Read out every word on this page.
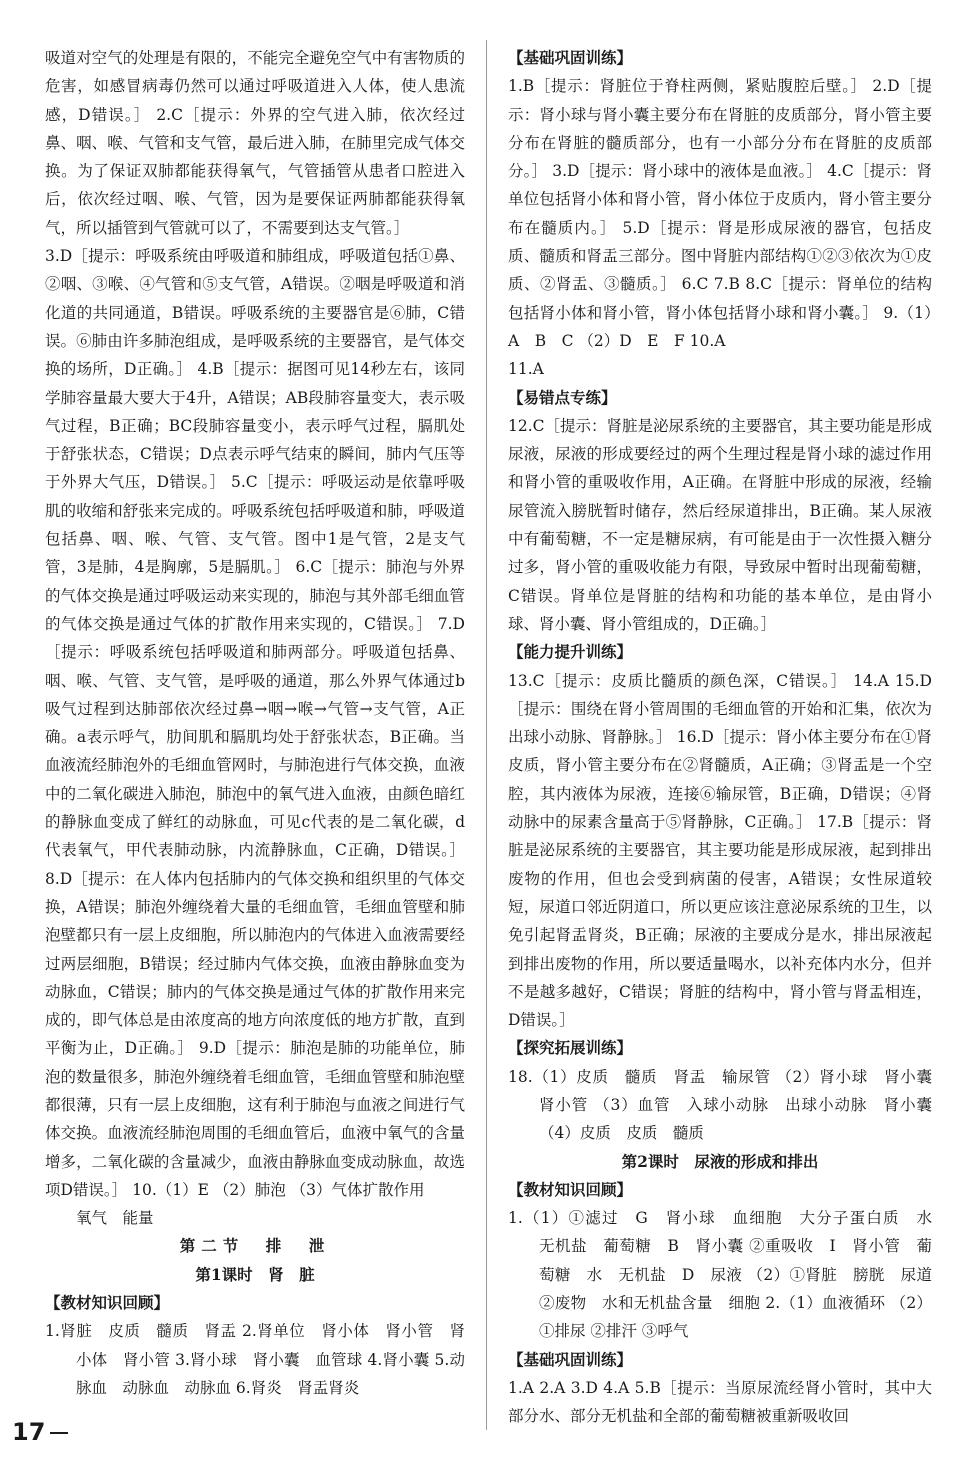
吸道对空气的处理是有限的，不能完全避免空气中有害物质的危害，如感冒病毒仍然可以通过呼吸道进入人体，使人患流感，D错误。］ 2.C［提示：外界的空气进入肺，依次经过鼻、咽、喉、气管和支气管，最后进入肺，在肺里完成气体交换。为了保证双肺都能获得氧气，气管插管从患者口腔进入后，依次经过咽、喉、气管，因为是要保证两肺都能获得氧气，所以插管到气管就可以了，不需要到达支气管。］
3.D［提示：呼吸系统由呼吸道和肺组成，呼吸道包括①鼻、②咽、③喉、④气管和⑤支气管，A错误。②咽是呼吸道和消化道的共同通道，B错误。呼吸系统的主要器官是⑥肺，C错误。⑥肺由许多肺泡组成，是呼吸系统的主要器官，是气体交换的场所，D正确。］ 4.B［提示：据图可见14秒左右，该同学肺容量最大要大于4升，A错误；AB段肺容量变大，表示吸气过程，B正确；BC段肺容量变小，表示呼气过程，膈肌处于舒张状态，C错误；D点表示呼气结束的瞬间，肺内气压等于外界大气压，D错误。］ 5.C［提示：呼吸运动是依靠呼吸肌的收缩和舒张来完成的。呼吸系统包括呼吸道和肺，呼吸道包括鼻、咽、喉、气管、支气管。图中1是气管，2是支气管，3是肺，4是胸廓，5是膈肌。］ 6.C［提示：肺泡与外界的气体交换是通过呼吸运动来实现的，肺泡与其外部毛细血管的气体交换是通过气体的扩散作用来实现的，C错误。］ 7.D［提示：呼吸系统包括呼吸道和肺两部分。呼吸道包括鼻、咽、喉、气管、支气管，是呼吸的通道，那么外界气体通过b吸气过程到达肺部依次经过鼻→咽→喉→气管→支气管，A正确。a表示呼气，肋间肌和膈肌均处于舒张状态，B正确。当血液流经肺泡外的毛细血管网时，与肺泡进行气体交换，血液中的二氧化碳进入肺泡，肺泡中的氧气进入血液，由颜色暗红的静脉血变成了鲜红的动脉血，可见c代表的是二氧化碳，d代表氧气，甲代表肺动脉，内流静脉血，C正确，D错误。］ 8.D［提示：在人体内包括肺内的气体交换和组织里的气体交换，A错误；肺泡外缠绕着大量的毛细血管，毛细血管壁和肺泡壁都只有一层上皮细胞，所以肺泡内的气体进入血液需要经过两层细胞，B错误；经过肺内气体交换，血液由静脉血变为动脉血，C错误；肺内的气体交换是通过气体的扩散作用来完成的，即气体总是由浓度高的地方向浓度低的地方扩散，直到平衡为止，D正确。］ 9.D［提示：肺泡是肺的功能单位，肺泡的数量很多，肺泡外缠绕着毛细血管，毛细血管壁和肺泡壁都很薄，只有一层上皮细胞，这有利于肺泡与血液之间进行气体交换。血液流经肺泡周围的毛细血管后，血液中氧气的含量增多，二氧化碳的含量减少，血液由静脉血变成动脉血，故选项D错误。］ 10.（1）E （2）肺泡 （3）气体扩散作用
氧气　能量
第二节　排　泄
第1课时　肾　脏
【教材知识回顾】
1.肾脏　皮质　髓质　肾盂 2.肾单位　肾小体　肾小管　肾小体　肾小管 3.肾小球　肾小囊　血管球 4.肾小囊 5.动脉血　动脉血　动脉血 6.肾炎　肾盂肾炎
【基础巩固训练】
1.B［提示：肾脏位于脊柱两侧，紧贴腹腔后壁。］ 2.D［提示：肾小球与肾小囊主要分布在肾脏的皮质部分，肾小管主要分布在肾脏的髓质部分，也有一小部分分布在肾脏的皮质部分。］ 3.D［提示：肾小球中的液体是血液。］ 4.C［提示：肾单位包括肾小体和肾小管，肾小体位于皮质内，肾小管主要分布在髓质内。］ 5.D［提示：肾是形成尿液的器官，包括皮质、髓质和肾盂三部分。图中肾脏内部结构①②③依次为①皮质、②肾盂、③髓质。］ 6.C 7.B 8.C［提示：肾单位的结构包括肾小体和肾小管，肾小体包括肾小球和肾小囊。］ 9.（1）A　B　C （2）D　E　F 10.A
11.A
【易错点专练】
12.C［提示：肾脏是泌尿系统的主要器官，其主要功能是形成尿液，尿液的形成要经过的两个生理过程是肾小球的滤过作用和肾小管的重吸收作用，A正确。在肾脏中形成的尿液，经输尿管流入膀胱暂时储存，然后经尿道排出，B正确。某人尿液中有葡萄糖，不一定是糖尿病，有可能是由于一次性摄入糖分过多，肾小管的重吸收能力有限，导致尿中暂时出现葡萄糖，C错误。肾单位是肾脏的结构和功能的基本单位，是由肾小球、肾小囊、肾小管组成的，D正确。］
【能力提升训练】
13.C［提示：皮质比髓质的颜色深，C错误。］ 14.A 15.D［提示：围绕在肾小管周围的毛细血管的开始和汇集，依次为出球小动脉、肾静脉。］ 16.D［提示：肾小体主要分布在①肾皮质，肾小管主要分布在②肾髓质，A正确；③肾盂是一个空腔，其内液体为尿液，连接⑥输尿管，B正确，D错误；④肾动脉中的尿素含量高于⑤肾静脉，C正确。］ 17.B［提示：肾脏是泌尿系统的主要器官，其主要功能是形成尿液，起到排出废物的作用，但也会受到病菌的侵害，A错误；女性尿道较短，尿道口邻近阴道口，所以更应该注意泌尿系统的卫生，以免引起肾盂肾炎，B正确；尿液的主要成分是水，排出尿液起到排出废物的作用，所以要适量喝水，以补充体内水分，但并不是越多越好，C错误；肾脏的结构中，肾小管与肾盂相连，D错误。］
【探究拓展训练】
18.（1）皮质　髓质　肾盂　输尿管 （2）肾小球　肾小囊　肾小管 （3）血管　入球小动脉　出球小动脉　肾小囊 （4）皮质　皮质　髓质
第2课时　尿液的形成和排出
【教材知识回顾】
1.（1）①滤过　G　肾小球　血细胞　大分子蛋白质　水　无机盐　葡萄糖　B　肾小囊 ②重吸收　I　肾小管　葡萄糖　水　无机盐　D　尿液 （2）①肾脏　膀胱　尿道 ②废物　水和无机盐含量　细胞 2.（1）血液循环 （2）①排尿 ②排汗 ③呼气
【基础巩固训练】
1.A 2.A 3.D 4.A 5.B［提示：当原尿流经肾小管时，其中大部分水、部分无机盐和全部的葡萄糖被重新吸收回
17
